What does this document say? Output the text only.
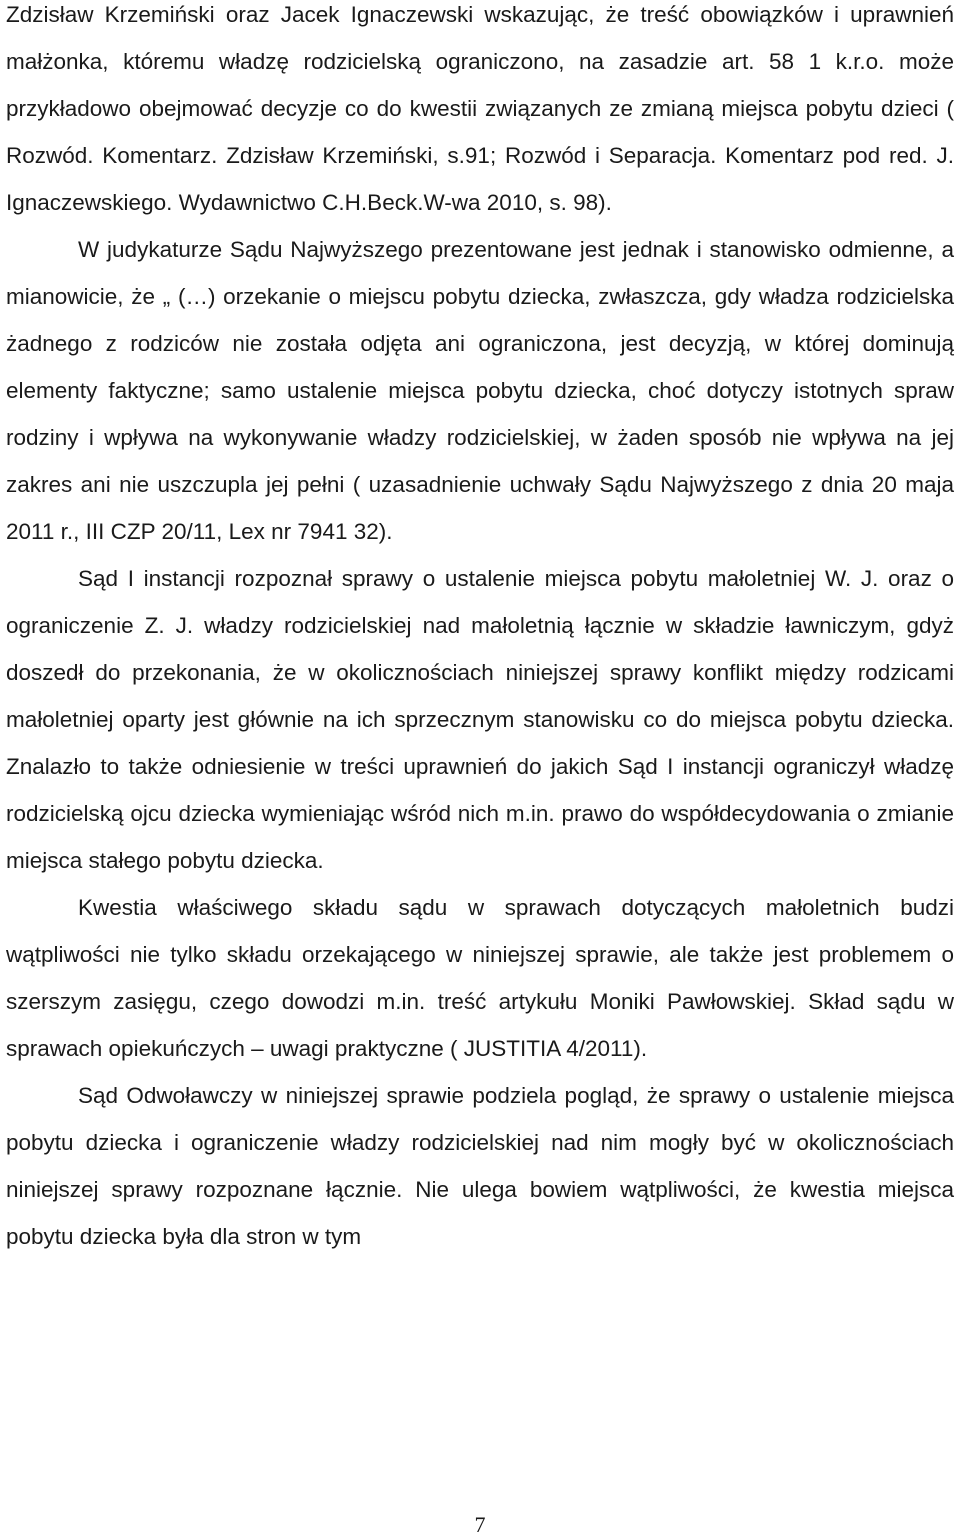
Zdzisław Krzemiński oraz Jacek Ignaczewski wskazując, że treść obowiązków i uprawnień małżonka, któremu władzę rodzicielską ograniczono, na zasadzie art. 58 1 k.r.o. może przykładowo obejmować decyzje co do kwestii związanych ze zmianą miejsca pobytu dzieci ( Rozwód. Komentarz. Zdzisław Krzemiński, s.91; Rozwód i Separacja. Komentarz pod red. J. Ignaczewskiego. Wydawnictwo C.H.Beck.W-wa 2010, s. 98).

W judykaturze Sądu Najwyższego prezentowane jest jednak i stanowisko odmienne, a mianowicie, że „ (…) orzekanie o miejscu pobytu dziecka, zwłaszcza, gdy władza rodzicielska żadnego z rodziców nie została odjęta ani ograniczona, jest decyzją, w której dominują elementy faktyczne; samo ustalenie miejsca pobytu dziecka, choć dotyczy istotnych spraw rodziny i wpływa na wykonywanie władzy rodzicielskiej, w żaden sposób nie wpływa na jej zakres ani nie uszczupla jej pełni ( uzasadnienie uchwały Sądu Najwyższego z dnia 20 maja 2011 r., III CZP 20/11, Lex nr 7941 32).

Sąd I instancji rozpoznał sprawy o ustalenie miejsca pobytu małoletniej W. J. oraz o ograniczenie Z. J. władzy rodzicielskiej nad małoletnią łącznie w składzie ławniczym, gdyż doszedł do przekonania, że w okolicznościach niniejszej sprawy konflikt między rodzicami małoletniej oparty jest głównie na ich sprzecznym stanowisku co do miejsca pobytu dziecka. Znalazło to także odniesienie w treści uprawnień do jakich Sąd I instancji ograniczył władzę rodzicielską ojcu dziecka wymieniając wśród nich m.in. prawo do współdecydowania o zmianie miejsca stałego pobytu dziecka.

Kwestia właściwego składu sądu w sprawach dotyczących małoletnich budzi wątpliwości nie tylko składu orzekającego w niniejszej sprawie, ale także jest problemem o szerszym zasięgu, czego dowodzi m.in. treść artykułu Moniki Pawłowskiej. Skład sądu w sprawach opiekuńczych – uwagi praktyczne ( JUSTITIA 4/2011).

Sąd Odwoławczy w niniejszej sprawie podziela pogląd, że sprawy o ustalenie miejsca pobytu dziecka i ograniczenie władzy rodzicielskiej nad nim mogły być w okolicznościach niniejszej sprawy rozpoznane łącznie. Nie ulega bowiem wątpliwości, że kwestia miejsca pobytu dziecka była dla stron w tym

7
